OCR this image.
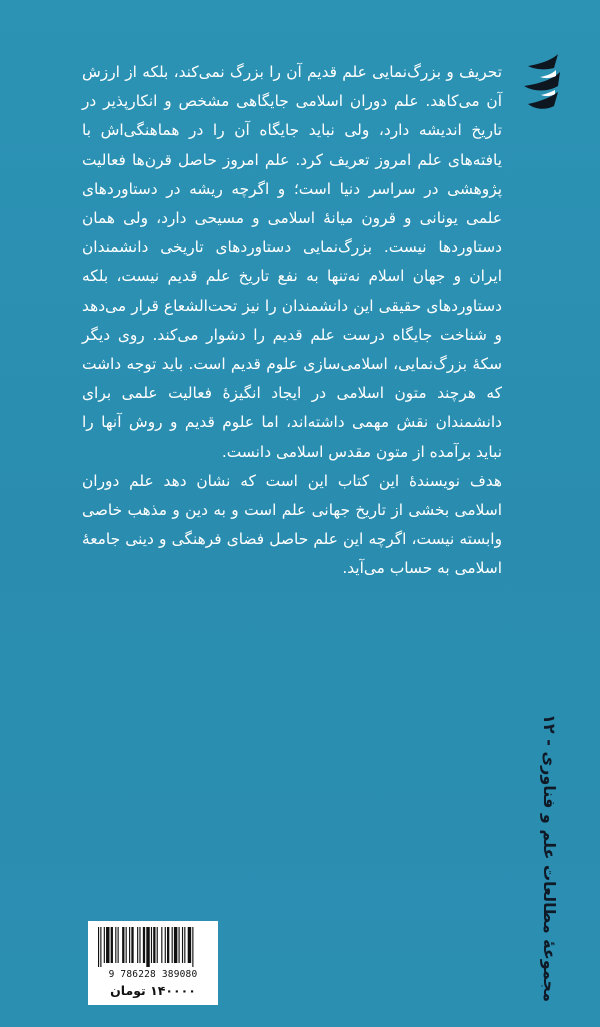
تحریف و بزرگ‌نمایی علم قدیم آن را بزرگ نمی‌کند، بلکه از ارزش آن می‌کاهد. علم دوران اسلامی جایگاهی مشخص و انکارپذیر در تاریخ اندیشه دارد، ولی نباید جایگاه آن را در هماهنگی‌اش با یافته‌های علم امروز تعریف کرد. علم امروز حاصل قرن‌ها فعالیت پژوهشی در سراسر دنیا است؛ و اگرچه ریشه در دستاوردهای علمی یونانی و قرون میانهٔ اسلامی و مسیحی دارد، ولی همان دستاوردها نیست. بزرگ‌نمایی دستاوردهای تاریخی دانشمندان ایران و جهان اسلام نه‌تنها به نفع تاریخ علم قدیم نیست، بلکه دستاوردهای حقیقی این دانشمندان را نیز تحت‌الشعاع قرار می‌دهد و شناخت جایگاه درست علم قدیم را دشوار می‌کند. روی دیگر سکهٔ بزرگ‌نمایی، اسلامی‌سازی علوم قدیم است. باید توجه داشت که هرچند متون اسلامی در ایجاد انگیزهٔ فعالیت علمی برای دانشمندان نقش مهمی داشته‌اند، اما علوم قدیم و روش آنها را نباید برآمده از متون مقدس اسلامی دانست.

هدف نویسندهٔ این کتاب این است که نشان دهد علم دوران اسلامی بخشی از تاریخ جهانی علم است و به دین و مذهب خاصی وابسته نیست، اگرچه این علم حاصل فضای فرهنگی و دینی جامعهٔ اسلامی به حساب می‌آید.

مجموعهٔ مطالعات علم و فناوری - ۱۲
9 786228 389080
۱۴۰۰۰۰ تومان
